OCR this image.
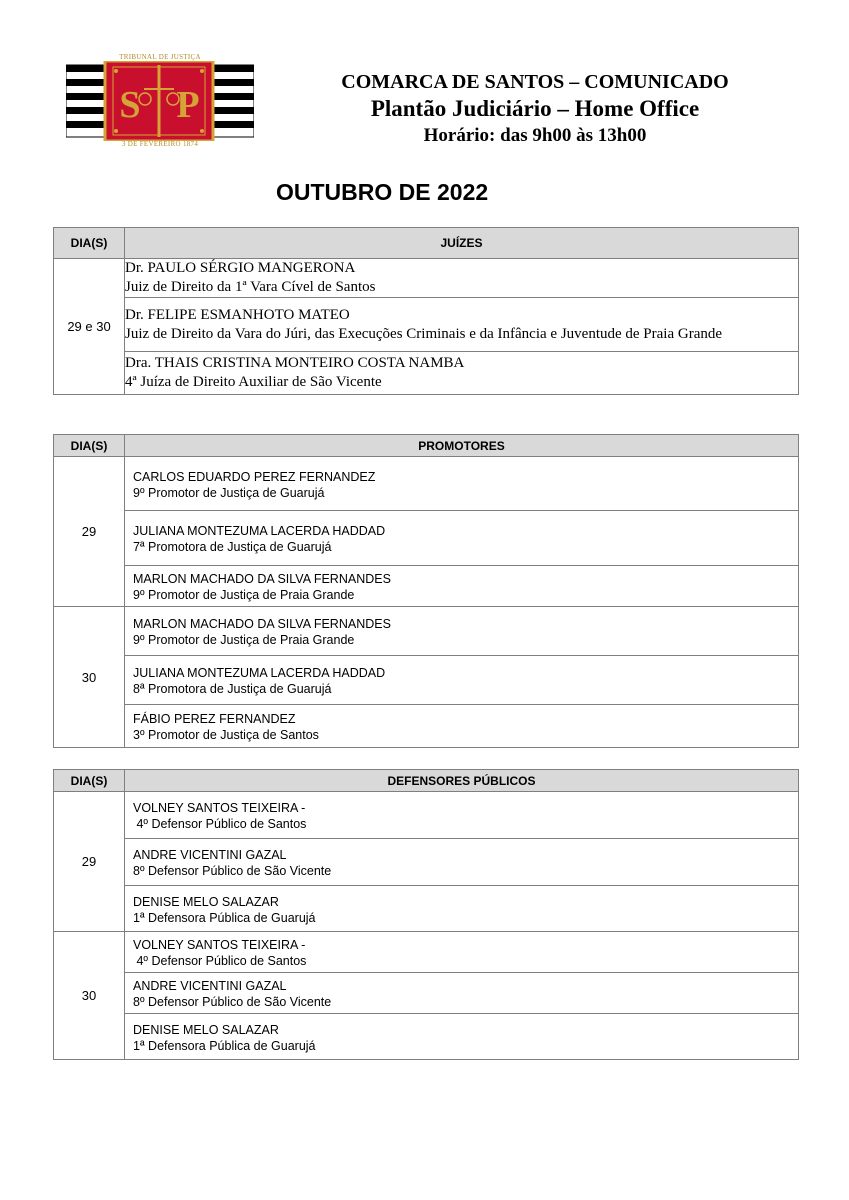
TRIBUNAL DE JUSTIÇA
S P
3 DE FEVEREIRO 1874
COMARCA DE SANTOS – COMUNICADO
Plantão Judiciário – Home Office
Horário: das 9h00 às 13h00
OUTUBRO DE 2022
DIA(S)	JUÍZES
29 e 30	Dr. PAULO SÉRGIO MANGERONA
Juiz de Direito da 1ª Vara Cível de Santos

	Dr. FELIPE ESMANHOTO MATEO
Juiz de Direito da Vara do Júri, das Execuções Criminais e da Infância e Juventude de Praia Grande

	Dra. THAIS CRISTINA MONTEIRO COSTA NAMBA
4ª Juíza de Direito Auxiliar de São Vicente
DIA(S)	PROMOTORES
29	CARLOS EDUARDO PEREZ FERNANDEZ
9º Promotor de Justiça de Guarujá

	JULIANA MONTEZUMA LACERDA HADDAD
7ª Promotora de Justiça de Guarujá

	MARLON MACHADO DA SILVA FERNANDES
9º Promotor de Justiça de Praia Grande

30	MARLON MACHADO DA SILVA FERNANDES
9º Promotor de Justiça de Praia Grande

	JULIANA MONTEZUMA LACERDA HADDAD
8ª Promotora de Justiça de Guarujá

	FÁBIO PEREZ FERNANDEZ
3º Promotor de Justiça de Santos
DIA(S)	DEFENSORES PÚBLICOS
29	VOLNEY SANTOS TEIXEIRA -
4º Defensor Público de Santos

	ANDRE VICENTINI GAZAL
8º Defensor Público de São Vicente

	DENISE MELO SALAZAR
1ª Defensora Pública de Guarujá

30	VOLNEY SANTOS TEIXEIRA -
4º Defensor Público de Santos

	ANDRE VICENTINI GAZAL
8º Defensor Público de São Vicente

	DENISE MELO SALAZAR
1ª Defensora Pública de Guarujá
